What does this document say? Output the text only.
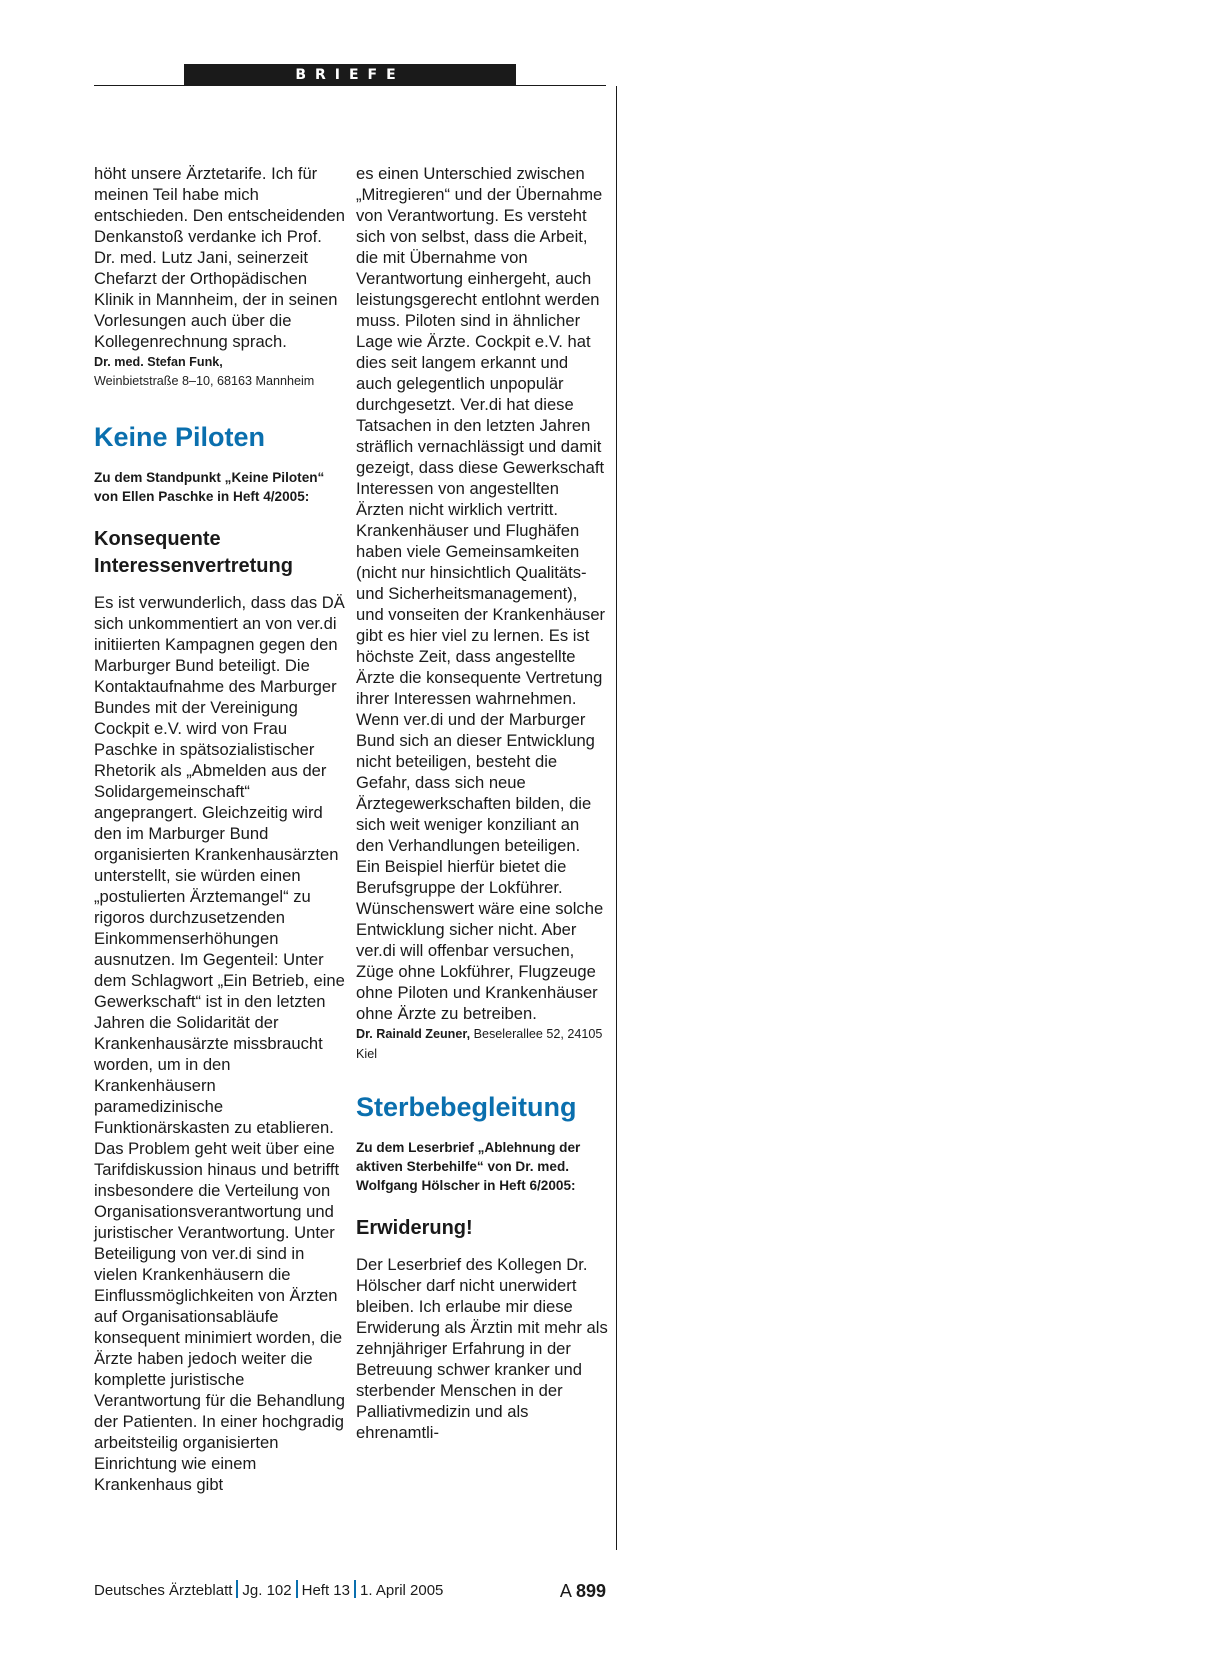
BRIEFE

höht unsere Ärztetarife. Ich für meinen Teil habe mich entschieden. Den entscheidenden Denkanstoß verdanke ich Prof. Dr. med. Lutz Jani, seinerzeit Chefarzt der Orthopädischen Klinik in Mannheim, der in seinen Vorlesungen auch über die Kollegenrechnung sprach.

Dr. med. Stefan Funk,
Weinbietstraße 8–10, 68163 Mannheim
Keine Piloten

Zu dem Standpunkt „Keine Piloten“ von Ellen Paschke in Heft 4/2005:

Konsequente Interessenvertretung

Es ist verwunderlich, dass das DÄ sich unkommentiert an von ver.di initiierten Kampagnen gegen den Marburger Bund beteiligt. Die Kontaktaufnahme des Marburger Bundes mit der Vereinigung Cockpit e.V. wird von Frau Paschke in spätsozialistischer Rhetorik als „Abmelden aus der Solidargemeinschaft“ angeprangert. Gleichzeitig wird den im Marburger Bund organisierten Krankenhausärzten unterstellt, sie würden einen „postulierten Ärztemangel“ zu rigoros durchzusetzenden Einkommenserhöhungen ausnutzen. Im Gegenteil: Unter dem Schlagwort „Ein Betrieb, eine Gewerkschaft“ ist in den letzten Jahren die Solidarität der Krankenhausärzte missbraucht worden, um in den Krankenhäusern paramedizinische Funktionärskasten zu etablieren. Das Problem geht weit über eine Tarifdiskussion hinaus und betrifft insbesondere die Verteilung von Organisationsverantwortung und juristischer Verantwortung. Unter Beteiligung von ver.di sind in vielen Krankenhäusern die Einflussmöglichkeiten von Ärzten auf Organisationsabläufe konsequent minimiert worden, die Ärzte haben jedoch weiter die komplette juristische Verantwortung für die Behandlung der Patienten. In einer hochgradig arbeitsteilig organisierten Einrichtung wie einem Krankenhaus gibt

es einen Unterschied zwischen „Mitregieren“ und der Übernahme von Verantwortung. Es versteht sich von selbst, dass die Arbeit, die mit Übernahme von Verantwortung einhergeht, auch leistungsgerecht entlohnt werden muss. Piloten sind in ähnlicher Lage wie Ärzte. Cockpit e.V. hat dies seit langem erkannt und auch gelegentlich unpopulär durchgesetzt. Ver.di hat diese Tatsachen in den letzten Jahren sträflich vernachlässigt und damit gezeigt, dass diese Gewerkschaft Interessen von angestellten Ärzten nicht wirklich vertritt. Krankenhäuser und Flughäfen haben viele Gemeinsamkeiten (nicht nur hinsichtlich Qualitäts- und Sicherheitsmanagement), und vonseiten der Krankenhäuser gibt es hier viel zu lernen. Es ist höchste Zeit, dass angestellte Ärzte die konsequente Vertretung ihrer Interessen wahrnehmen. Wenn ver.di und der Marburger Bund sich an dieser Entwicklung nicht beteiligen, besteht die Gefahr, dass sich neue Ärztegewerkschaften bilden, die sich weit weniger konziliant an den Verhandlungen beteiligen. Ein Beispiel hierfür bietet die Berufsgruppe der Lokführer. Wünschenswert wäre eine solche Entwicklung sicher nicht. Aber ver.di will offenbar versuchen, Züge ohne Lokführer, Flugzeuge ohne Piloten und Krankenhäuser ohne Ärzte zu betreiben.

Dr. Rainald Zeuner, Beselerallee 52, 24105 Kiel
Sterbebegleitung

Zu dem Leserbrief „Ablehnung der aktiven Sterbehilfe“ von Dr. med. Wolfgang Hölscher in Heft 6/2005:

Erwiderung!

Der Leserbrief des Kollegen Dr. Hölscher darf nicht unerwidert bleiben. Ich erlaube mir diese Erwiderung als Ärztin mit mehr als zehnjähriger Erfahrung in der Betreuung schwer kranker und sterbender Menschen in der Palliativmedizin und als ehrenamtli-

Deutsches Ärzteblatt Jg. 102 Heft 13 1. April 2005	A 899
